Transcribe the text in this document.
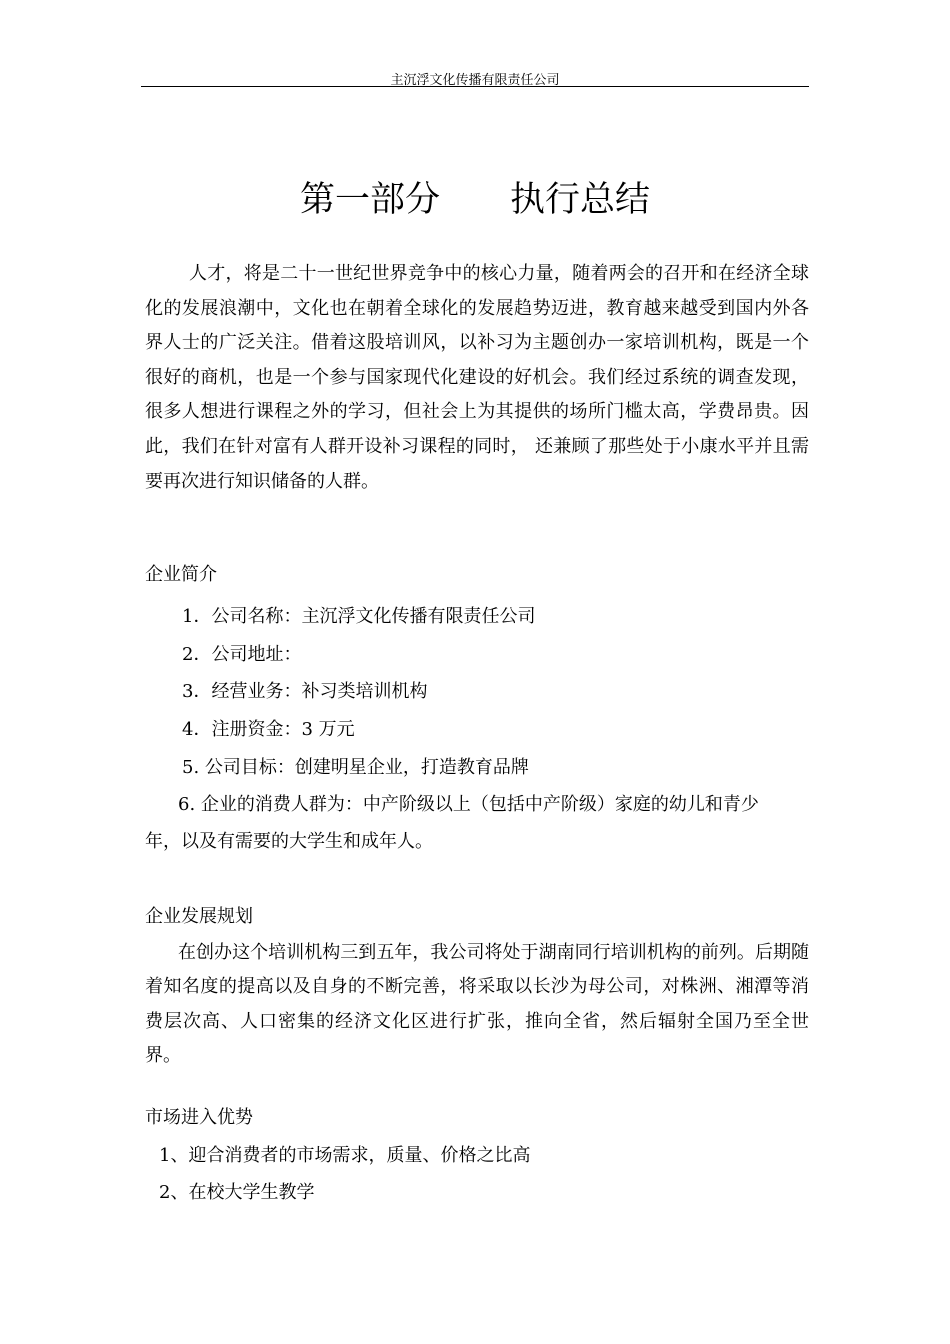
主沉浮文化传播有限责任公司
第一部分　　执行总结

人才，将是二十一世纪世界竞争中的核心力量，随着两会的召开和在经济全球化的发展浪潮中，文化也在朝着全球化的发展趋势迈进，教育越来越受到国内外各界人士的广泛关注。借着这股培训风，以补习为主题创办一家培训机构，既是一个很好的商机，也是一个参与国家现代化建设的好机会。我们经过系统的调查发现，很多人想进行课程之外的学习，但社会上为其提供的场所门槛太高，学费昂贵。因此，我们在针对富有人群开设补习课程的同时， 还兼顾了那些处于小康水平并且需要再次进行知识储备的人群。

企业简介
1．公司名称：主沉浮文化传播有限责任公司
2．公司地址：
3．经营业务：补习类培训机构
4．注册资金：3 万元
5. 公司目标：创建明星企业，打造教育品牌
6. 企业的消费人群为：中产阶级以上（包括中产阶级）家庭的幼儿和青少
年，以及有需要的大学生和成年人。
企业发展规划

在创办这个培训机构三到五年，我公司将处于湖南同行培训机构的前列。后期随着知名度的提高以及自身的不断完善，将采取以长沙为母公司，对株洲、湘潭等消费层次高、人口密集的经济文化区进行扩张，推向全省，然后辐射全国乃至全世界。

市场进入优势
1、迎合消费者的市场需求，质量、价格之比高
2、在校大学生教学
